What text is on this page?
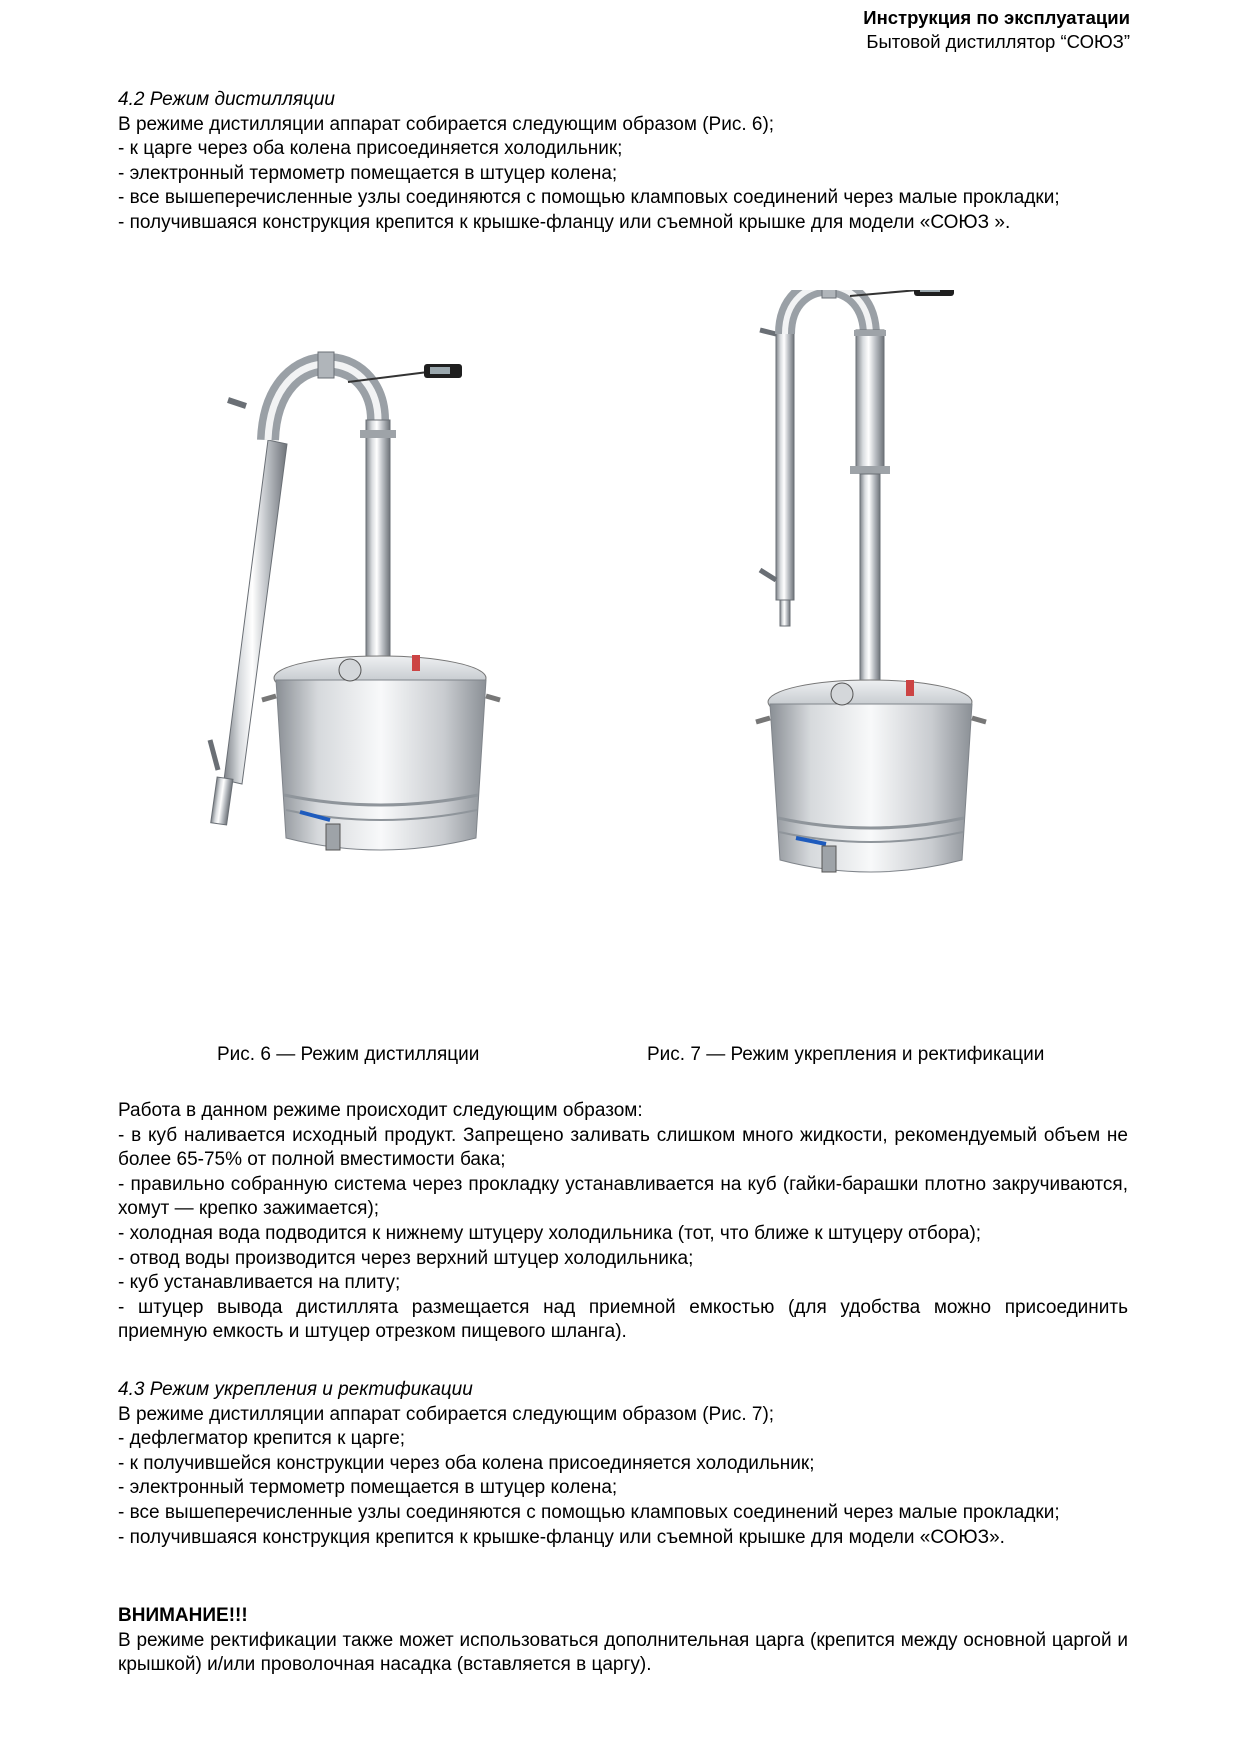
Инструкция по эксплуатации
Бытовой дистиллятор “СОЮЗ”

4.2 Режим дистилляции

В режиме дистилляции аппарат собирается следующим образом (Рис. 6);

- к царге через оба колена присоединяется холодильник;

- электронный термометр помещается в штуцер колена;

- все вышеперечисленные узлы соединяются с помощью кламповых соединений через малые прокладки;

- получившаяся конструкция крепится к крышке-фланцу или съемной крышке для модели «СОЮЗ ».

Рис. 6 — Режим дистилляции	Рис. 7 — Режим укрепления и ректификации

Работа в данном режиме происходит следующим образом:

- в куб наливается исходный продукт. Запрещено заливать слишком много жидкости, рекомендуемый объем не более 65-75% от полной вместимости бака;

- правильно собранную система через прокладку устанавливается на куб (гайки-барашки плотно закручиваются, хомут — крепко зажимается);

- холодная вода подводится к нижнему штуцеру холодильника (тот, что ближе к штуцеру отбора);

- отвод воды производится через верхний штуцер холодильника;

- куб устанавливается на плиту;

- штуцер вывода дистиллята размещается над приемной емкостью (для удобства можно присоединить приемную емкость и штуцер отрезком пищевого шланга).

4.3 Режим укрепления и ректификации

В режиме дистилляции аппарат собирается следующим образом (Рис. 7);

- дефлегматор крепится к царге;

- к получившейся конструкции через оба колена присоединяется холодильник;

- электронный термометр помещается в штуцер колена;

- все вышеперечисленные узлы соединяются с помощью кламповых соединений через малые прокладки;

- получившаяся конструкция крепится к крышке-фланцу или съемной крышке для модели «СОЮЗ».

ВНИМАНИЕ!!!

В режиме ректификации также может использоваться дополнительная царга (крепится между основной царгой и крышкой) и/или проволочная насадка (вставляется в царгу).
